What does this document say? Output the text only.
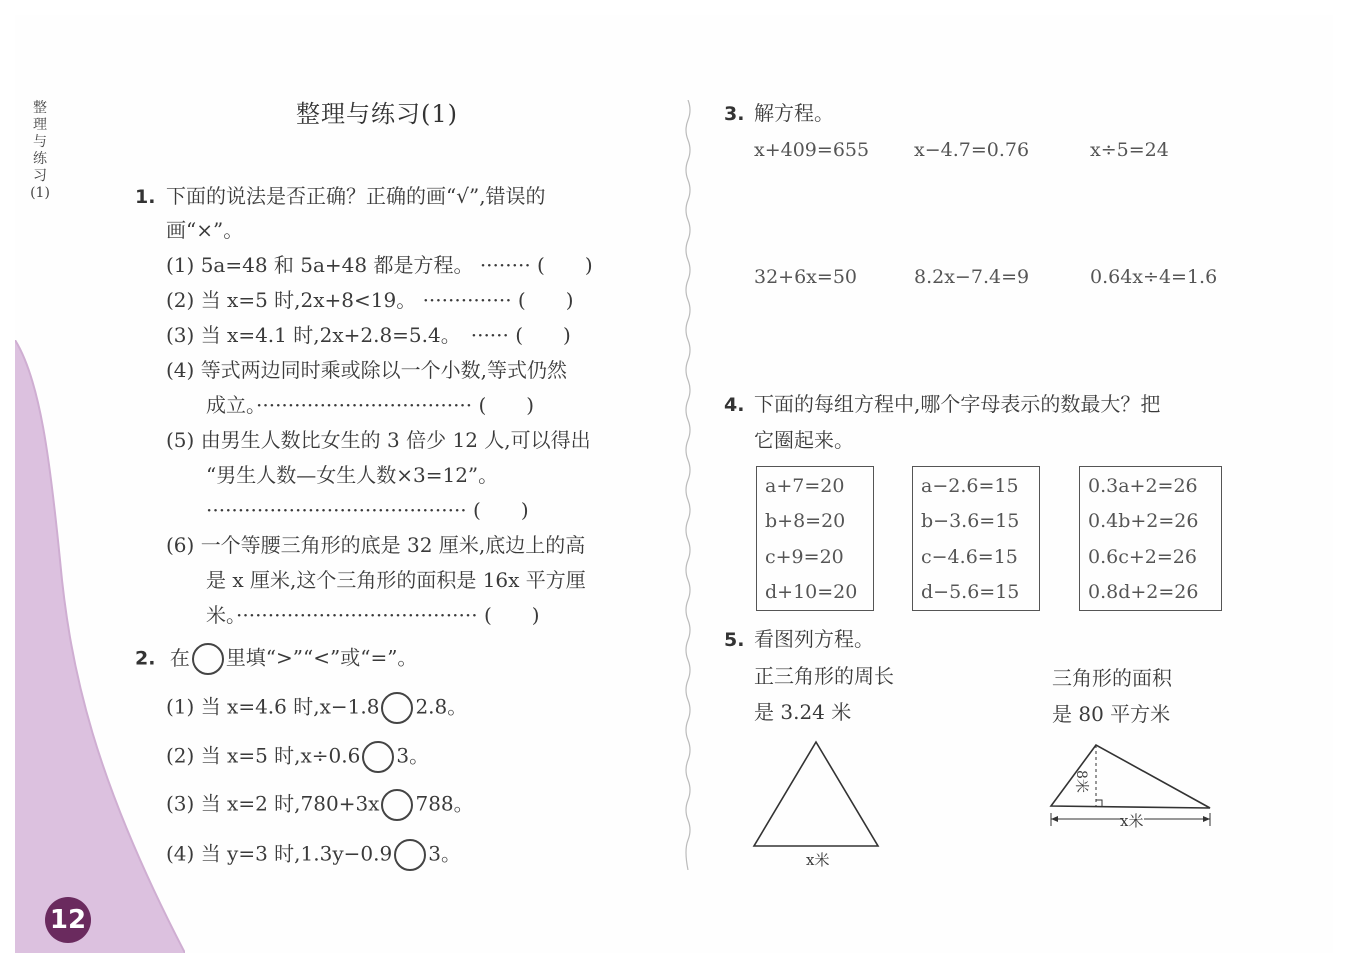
12
整理与练习(1)
整理与练习(1)
1. 下面的说法是否正确？正确的画“√”,错误的
画“×”。
(1) 5a=48 和 5a+48 都是方程。 ········ (　　)
(2) 当 x=5 时,2x+8<19。 ·············· (　　)
(3) 当 x=4.1 时,2x+2.8=5.4。　······ (　　)
(4) 等式两边同时乘或除以一个小数,等式仍然
成立。·································· (　　)
(5) 由男生人数比女生的 3 倍少 12 人,可以得出
“男生人数—女生人数×3=12”。
········································· (　　)
(6) 一个等腰三角形的底是 32 厘米,底边上的高
是 x 厘米,这个三角形的面积是 16x 平方厘
米。······································ (　　)
2. 在 里填“>”“<”或“=”。
(1) 当 x=4.6 时,x−1.8 2.8。
(2) 当 x=5 时,x÷0.6 3。
(3) 当 x=2 时,780+3x 788。
(4) 当 y=3 时,1.3y−0.9 3。
3. 解方程。
x+409=655 x−4.7=0.76	x÷5=24
32+6x=50	8.2x−7.4=9	0.64x÷4=1.6
4. 下面的每组方程中,哪个字母表示的数最大？把
它圈起来。
a+7=20
b+8=20
c+9=20
d+10=20
a−2.6=15
b−3.6=15
c−4.6=15
d−5.6=15
0.3a+2=26
0.4b+2=26
0.6c+2=26
0.8d+2=26
5. 看图列方程。
正三角形的周长
是 3.24 米
三角形的面积
是 80 平方米
x米
8米
x米
